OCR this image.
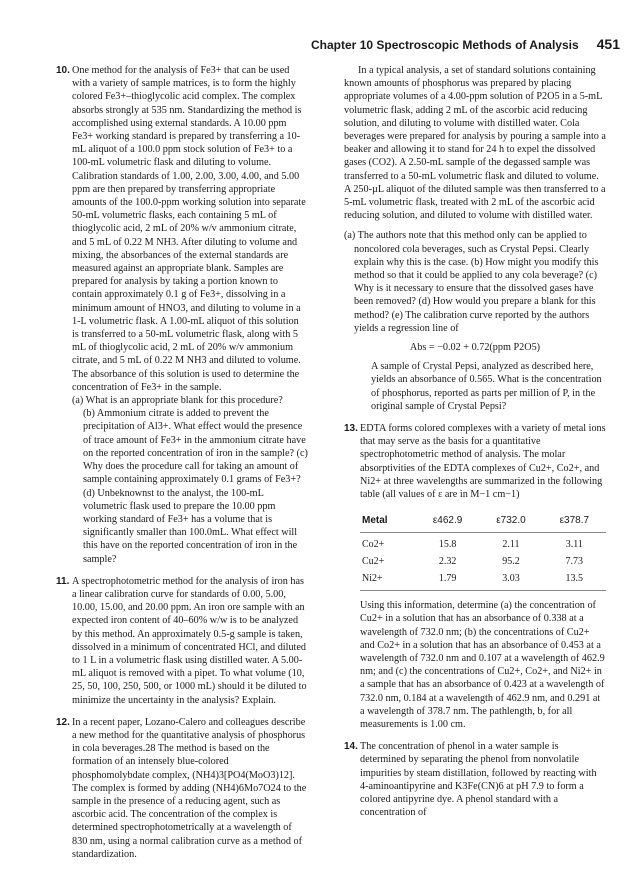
Chapter 10 Spectroscopic Methods of Analysis 451

10. One method for the analysis of Fe3+ that can be used with a variety of sample matrices, is to form the highly colored Fe3+–thioglycolic acid complex. The complex absorbs strongly at 535 nm. Standardizing the method is accomplished using external standards. A 10.00 ppm Fe3+ working standard is prepared by transferring a 10-mL aliquot of a 100.0 ppm stock solution of Fe3+ to a 100-mL volumetric flask and diluting to volume. Calibration standards of 1.00, 2.00, 3.00, 4.00, and 5.00 ppm are then prepared by transferring appropriate amounts of the 100.0-ppm working solution into separate 50-mL volumetric flasks, each containing 5 mL of thioglycolic acid, 2 mL of 20% w/v ammonium citrate, and 5 mL of 0.22 M NH3. After diluting to volume and mixing, the absorbances of the external standards are measured against an appropriate blank. Samples are prepared for analysis by taking a portion known to contain approximately 0.1 g of Fe3+, dissolving in a minimum amount of HNO3, and diluting to volume in a 1-L volumetric flask. A 1.00-mL aliquot of this solution is transferred to a 50-mL volumetric flask, along with 5 mL of thioglycolic acid, 2 mL of 20% w/v ammonium citrate, and 5 mL of 0.22 M NH3 and diluted to volume. The absorbance of this solution is used to determine the concentration of Fe3+ in the sample.

(a) What is an appropriate blank for this procedure?

(b) Ammonium citrate is added to prevent the precipitation of Al3+. What effect would the presence of trace amount of Fe3+ in the ammonium citrate have on the reported concentration of iron in the sample? (c) Why does the procedure call for taking an amount of sample containing approximately 0.1 grams of Fe3+?

(d) Unbeknownst to the analyst, the 100-mL volumetric flask used to prepare the 10.00 ppm working standard of Fe3+ has a volume that is significantly smaller than 100.0mL. What effect will this have on the reported concentration of iron in the sample?

11. A spectrophotometric method for the analysis of iron has a linear calibration curve for standards of 0.00, 5.00, 10.00, 15.00, and 20.00 ppm. An iron ore sample with an expected iron content of 40–60% w/w is to be analyzed by this method. An approximately 0.5-g sample is taken, dissolved in a minimum of concentrated HCl, and diluted to 1 L in a volumetric flask using distilled water. A 5.00-mL aliquot is removed with a pipet. To what volume (10, 25, 50, 100, 250, 500, or 1000 mL) should it be diluted to minimize the uncertainty in the analysis? Explain.

12. In a recent paper, Lozano-Calero and colleagues describe a new method for the quantitative analysis of phosphorus in cola beverages.28 The method is based on the formation of an intensely blue-colored phosphomolybdate complex, (NH4)3[PO4(MoO3)12]. The complex is formed by adding (NH4)6Mo7O24 to the sample in the presence of a reducing agent, such as ascorbic acid. The concentration of the complex is determined spectrophotometrically at a wavelength of 830 nm, using a normal calibration curve as a method of standardization.

In a typical analysis, a set of standard solutions containing known amounts of phosphorus was prepared by placing appropriate volumes of a 4.00-ppm solution of P2O5 in a 5-mL volumetric flask, adding 2 mL of the ascorbic acid reducing solution, and diluting to volume with distilled water. Cola beverages were prepared for analysis by pouring a sample into a beaker and allowing it to stand for 24 h to expel the dissolved gases (CO2). A 2.50-mL sample of the degassed sample was transferred to a 50-mL volumetric flask and diluted to volume. A 250-µL aliquot of the diluted sample was then transferred to a 5-mL volumetric flask, treated with 2 mL of the ascorbic acid reducing solution, and diluted to volume with distilled water.

(a) The authors note that this method only can be applied to noncolored cola beverages, such as Crystal Pepsi. Clearly explain why this is the case. (b) How might you modify this method so that it could be applied to any cola beverage? (c) Why is it necessary to ensure that the dissolved gases have been removed? (d) How would you prepare a blank for this method? (e) The calibration curve reported by the authors yields a regression line of

Abs = −0.02 + 0.72(ppm P2O5)

A sample of Crystal Pepsi, analyzed as described here, yields an absorbance of 0.565. What is the concentration of phosphorus, reported as parts per million of P, in the original sample of Crystal Pepsi?

13. EDTA forms colored complexes with a variety of metal ions that may serve as the basis for a quantitative spectrophotometric method of analysis. The molar absorptivities of the EDTA complexes of Cu2+, Co2+, and Ni2+ at three wavelengths are summarized in the following table (all values of ε are in M−1 cm−1)

Metal	ε462.9	ε732.0	ε378.7
Co2+	15.8	2.11	3.11
Cu2+	2.32	95.2	7.73
Ni2+	1.79	3.03	13.5

Using this information, determine (a) the concentration of Cu2+ in a solution that has an absorbance of 0.338 at a wavelength of 732.0 nm; (b) the concentrations of Cu2+ and Co2+ in a solution that has an absorbance of 0.453 at a wavelength of 732.0 nm and 0.107 at a wavelength of 462.9 nm; and (c) the concentrations of Cu2+, Co2+, and Ni2+ in a sample that has an absorbance of 0.423 at a wavelength of 732.0 nm, 0.184 at a wavelength of 462.9 nm, and 0.291 at a wavelength of 378.7 nm. The pathlength, b, for all measurements is 1.00 cm.

14. The concentration of phenol in a water sample is determined by separating the phenol from nonvolatile impurities by steam distillation, followed by reacting with 4-aminoantipyrine and K3Fe(CN)6 at pH 7.9 to form a colored antipyrine dye. A phenol standard with a concentration of
